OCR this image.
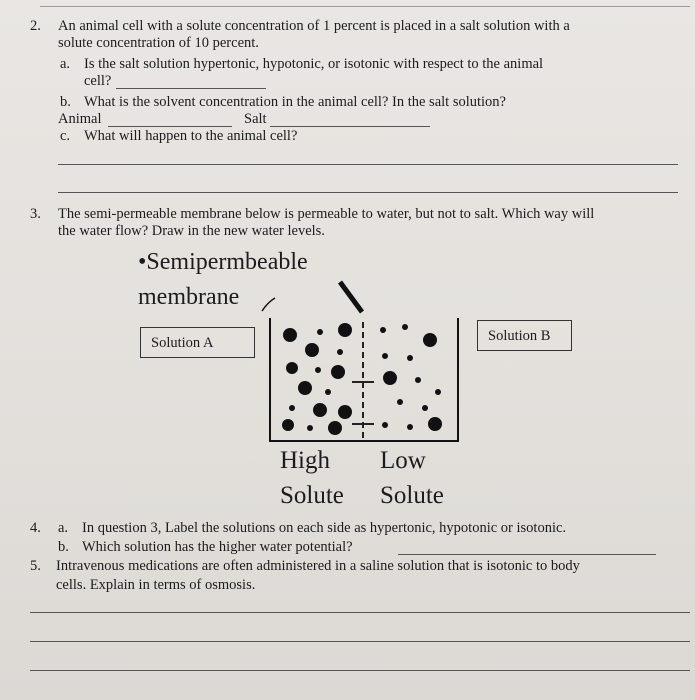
2. An animal cell with a solute concentration of 1 percent is placed in a salt solution with a
solute concentration of 10 percent.
a. Is the salt solution hypertonic, hypotonic, or isotonic with respect to the animal
cell?
b. What is the solvent concentration in the animal cell? In the salt solution?
Animal	Salt
c. What will happen to the animal cell?
3. The semi-permeable membrane below is permeable to water, but not to salt. Which way will
the water flow? Draw in the new water levels.
•Semipermbeable
membrane
Solution A	Solution B
High Low
Solute Solute
4. a. In question 3, Label the solutions on each side as hypertonic, hypotonic or isotonic.
b. Which solution has the higher water potential?
5. Intravenous medications are often administered in a saline solution that is isotonic to body
cells. Explain in terms of osmosis.
